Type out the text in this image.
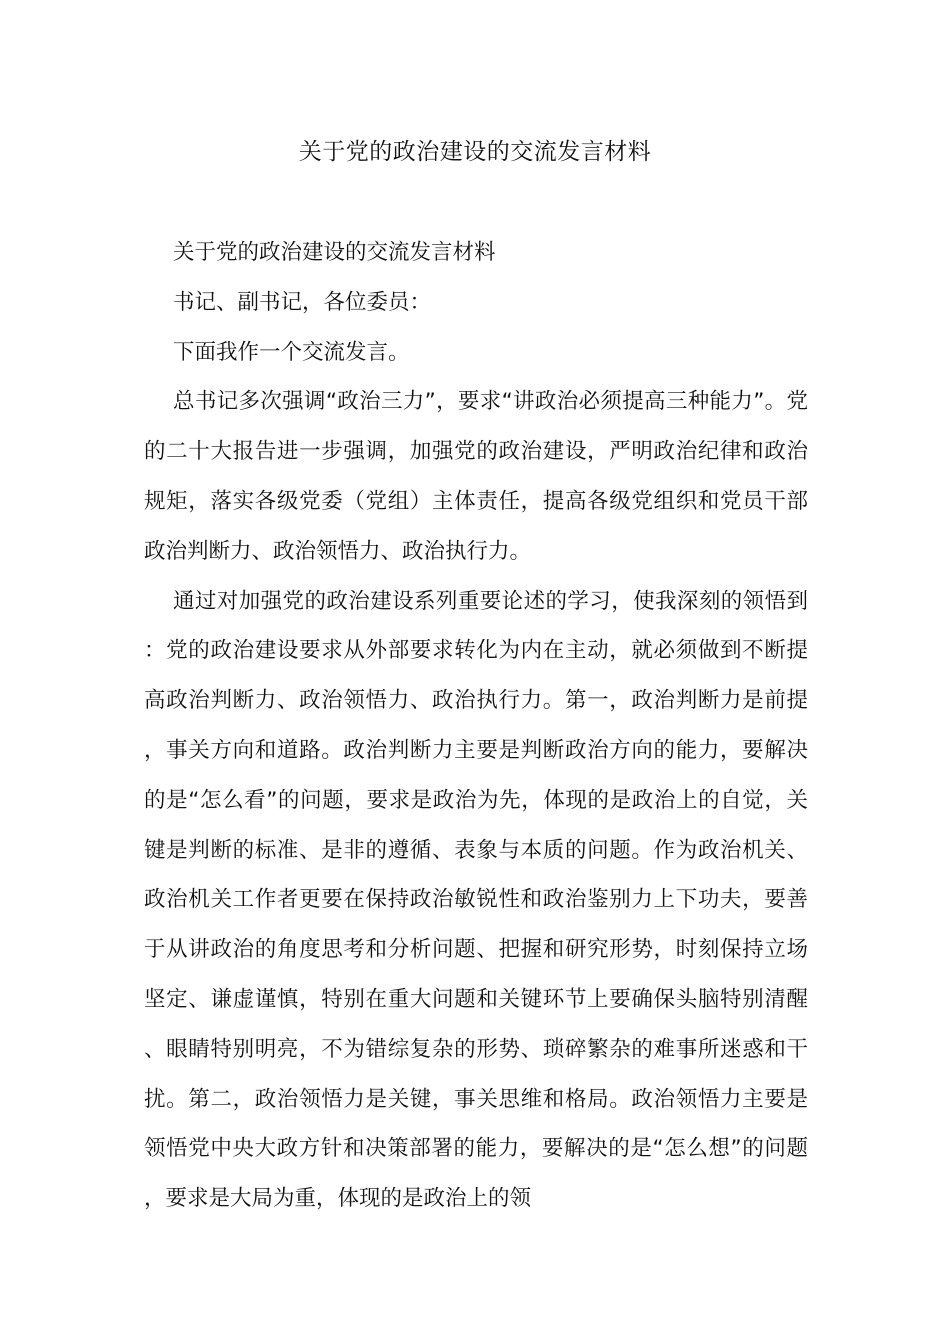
关于党的政治建设的交流发言材料

关于党的政治建设的交流发言材料

书记、副书记，各位委员：

下面我作一个交流发言。

总书记多次强调“政治三力”，要求“讲政治必须提高三种能力”。党的二十大报告进一步强调，加强党的政治建设，严明政治纪律和政治规矩，落实各级党委（党组）主体责任，提高各级党组织和党员干部政治判断力、政治领悟力、政治执行力。

通过对加强党的政治建设系列重要论述的学习，使我深刻的领悟到：党的政治建设要求从外部要求转化为内在主动，就必须做到不断提高政治判断力、政治领悟力、政治执行力。第一，政治判断力是前提，事关方向和道路。政治判断力主要是判断政治方向的能力，要解决的是“怎么看”的问题，要求是政治为先，体现的是政治上的自觉，关键是判断的标准、是非的遵循、表象与本质的问题。作为政治机关、政治机关工作者更要在保持政治敏锐性和政治鉴别力上下功夫，要善于从讲政治的角度思考和分析问题、把握和研究形势，时刻保持立场坚定、谦虚谨慎，特别在重大问题和关键环节上要确保头脑特别清醒、眼睛特别明亮，不为错综复杂的形势、琐碎繁杂的难事所迷惑和干扰。第二，政治领悟力是关键，事关思维和格局。政治领悟力主要是领悟党中央大政方针和决策部署的能力，要解决的是“怎么想”的问题，要求是大局为重，体现的是政治上的领
